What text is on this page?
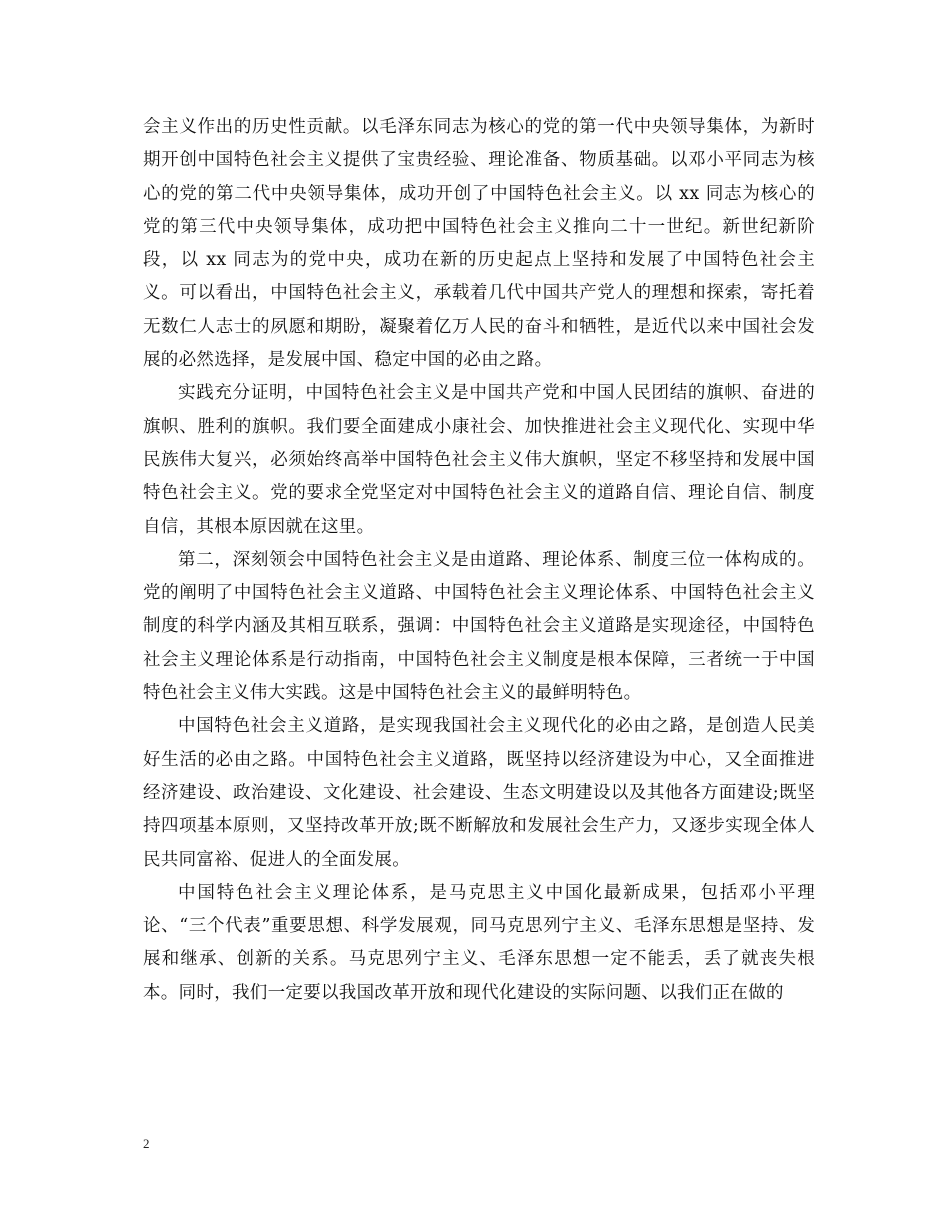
会主义作出的历史性贡献。以毛泽东同志为核心的党的第一代中央领导集体，为新时期开创中国特色社会主义提供了宝贵经验、理论准备、物质基础。以邓小平同志为核心的党的第二代中央领导集体，成功开创了中国特色社会主义。以 xx 同志为核心的党的第三代中央领导集体，成功把中国特色社会主义推向二十一世纪。新世纪新阶段，以 xx 同志为的党中央，成功在新的历史起点上坚持和发展了中国特色社会主义。可以看出，中国特色社会主义，承载着几代中国共产党人的理想和探索，寄托着无数仁人志士的夙愿和期盼，凝聚着亿万人民的奋斗和牺牲，是近代以来中国社会发展的必然选择，是发展中国、稳定中国的必由之路。

实践充分证明，中国特色社会主义是中国共产党和中国人民团结的旗帜、奋进的旗帜、胜利的旗帜。我们要全面建成小康社会、加快推进社会主义现代化、实现中华民族伟大复兴，必须始终高举中国特色社会主义伟大旗帜，坚定不移坚持和发展中国特色社会主义。党的要求全党坚定对中国特色社会主义的道路自信、理论自信、制度自信，其根本原因就在这里。

第二，深刻领会中国特色社会主义是由道路、理论体系、制度三位一体构成的。党的阐明了中国特色社会主义道路、中国特色社会主义理论体系、中国特色社会主义制度的科学内涵及其相互联系，强调：中国特色社会主义道路是实现途径，中国特色社会主义理论体系是行动指南，中国特色社会主义制度是根本保障，三者统一于中国特色社会主义伟大实践。这是中国特色社会主义的最鲜明特色。

中国特色社会主义道路，是实现我国社会主义现代化的必由之路，是创造人民美好生活的必由之路。中国特色社会主义道路，既坚持以经济建设为中心，又全面推进经济建设、政治建设、文化建设、社会建设、生态文明建设以及其他各方面建设;既坚持四项基本原则，又坚持改革开放;既不断解放和发展社会生产力，又逐步实现全体人民共同富裕、促进人的全面发展。

中国特色社会主义理论体系，是马克思主义中国化最新成果，包括邓小平理论、“三个代表”重要思想、科学发展观，同马克思列宁主义、毛泽东思想是坚持、发展和继承、创新的关系。马克思列宁主义、毛泽东思想一定不能丢，丢了就丧失根本。同时，我们一定要以我国改革开放和现代化建设的实际问题、以我们正在做的

2
